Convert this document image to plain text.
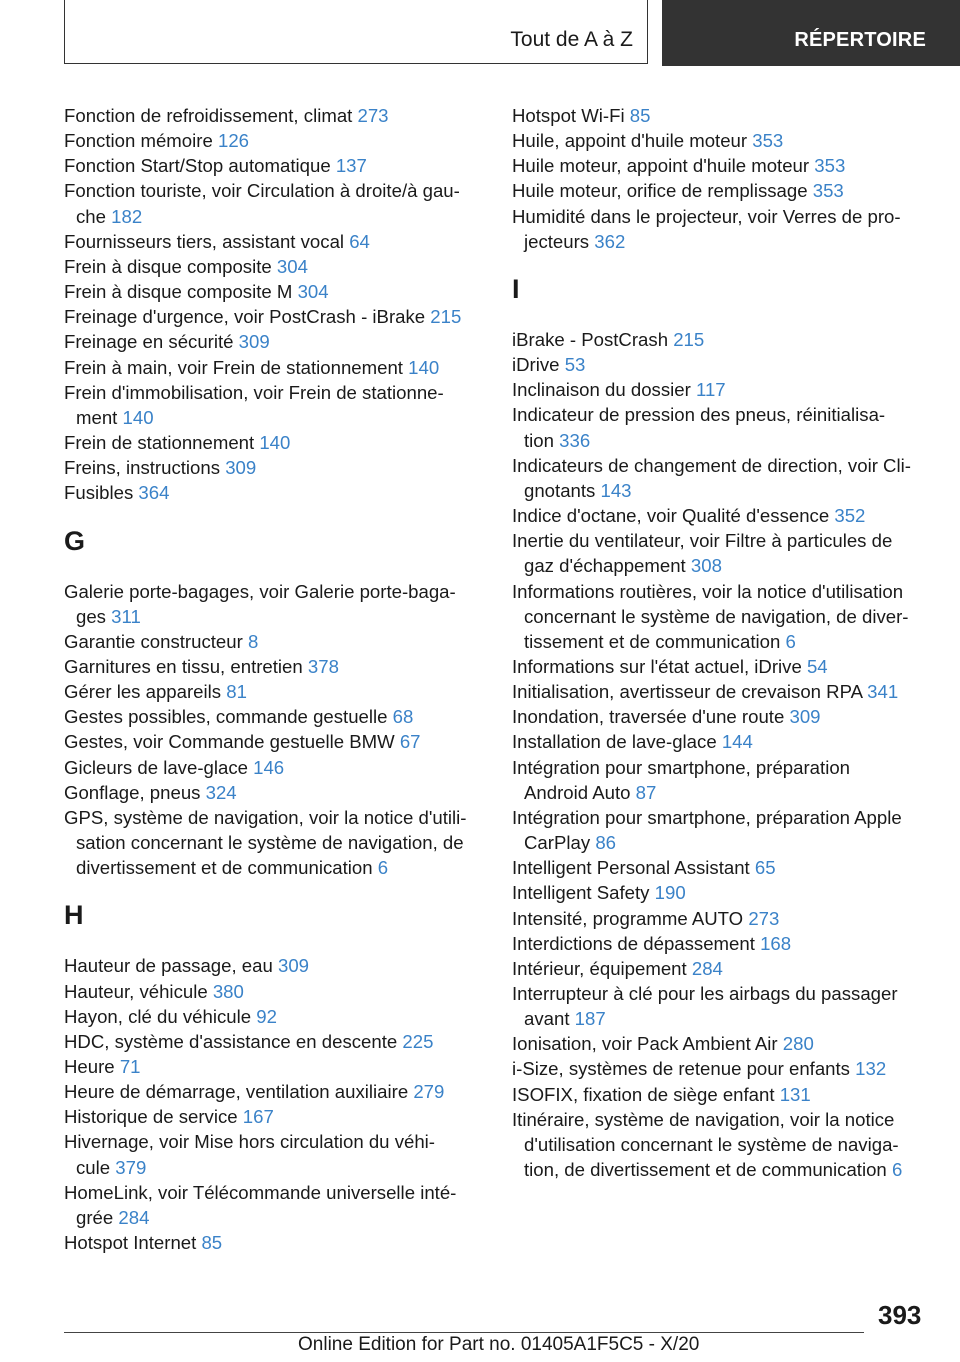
Tout de A à Z	RÉPERTOIRE
Fonction de refroidissement, climat 273
Fonction mémoire 126
Fonction Start/Stop automatique 137
Fonction touriste, voir Circulation à droite/à gau-
che 182
Fournisseurs tiers, assistant vocal 64
Frein à disque composite 304
Frein à disque composite M 304
Freinage d'urgence, voir PostCrash - iBrake 215
Freinage en sécurité 309
Frein à main, voir Frein de stationnement 140
Frein d'immobilisation, voir Frein de stationne-
ment 140
Frein de stationnement 140
Freins, instructions 309
Fusibles 364
G
Galerie porte-bagages, voir Galerie porte-baga-
ges 311
Garantie constructeur 8
Garnitures en tissu, entretien 378
Gérer les appareils 81
Gestes possibles, commande gestuelle 68
Gestes, voir Commande gestuelle BMW 67
Gicleurs de lave-glace 146
Gonflage, pneus 324
GPS, système de navigation, voir la notice d'utili-
sation concernant le système de navigation, de
divertissement et de communication 6
H
Hauteur de passage, eau 309
Hauteur, véhicule 380
Hayon, clé du véhicule 92
HDC, système d'assistance en descente 225
Heure 71
Heure de démarrage, ventilation auxiliaire 279
Historique de service 167
Hivernage, voir Mise hors circulation du véhi-
cule 379
HomeLink, voir Télécommande universelle inté-
grée 284
Hotspot Internet 85
Hotspot Wi-Fi 85
Huile, appoint d'huile moteur 353
Huile moteur, appoint d'huile moteur 353
Huile moteur, orifice de remplissage 353
Humidité dans le projecteur, voir Verres de pro-
jecteurs 362
I
iBrake - PostCrash 215
iDrive 53
Inclinaison du dossier 117
Indicateur de pression des pneus, réinitialisa-
tion 336
Indicateurs de changement de direction, voir Cli-
gnotants 143
Indice d'octane, voir Qualité d'essence 352
Inertie du ventilateur, voir Filtre à particules de
gaz d'échappement 308
Informations routières, voir la notice d'utilisation
concernant le système de navigation, de diver-
tissement et de communication 6
Informations sur l'état actuel, iDrive 54
Initialisation, avertisseur de crevaison RPA 341
Inondation, traversée d'une route 309
Installation de lave-glace 144
Intégration pour smartphone, préparation
Android Auto 87
Intégration pour smartphone, préparation Apple
CarPlay 86
Intelligent Personal Assistant 65
Intelligent Safety 190
Intensité, programme AUTO 273
Interdictions de dépassement 168
Intérieur, équipement 284
Interrupteur à clé pour les airbags du passager
avant 187
Ionisation, voir Pack Ambient Air 280
i-Size, systèmes de retenue pour enfants 132
ISOFIX, fixation de siège enfant 131
Itinéraire, système de navigation, voir la notice
d'utilisation concernant le système de naviga-
tion, de divertissement et de communication 6
393
Online Edition for Part no. 01405A1F5C5 - X/20
